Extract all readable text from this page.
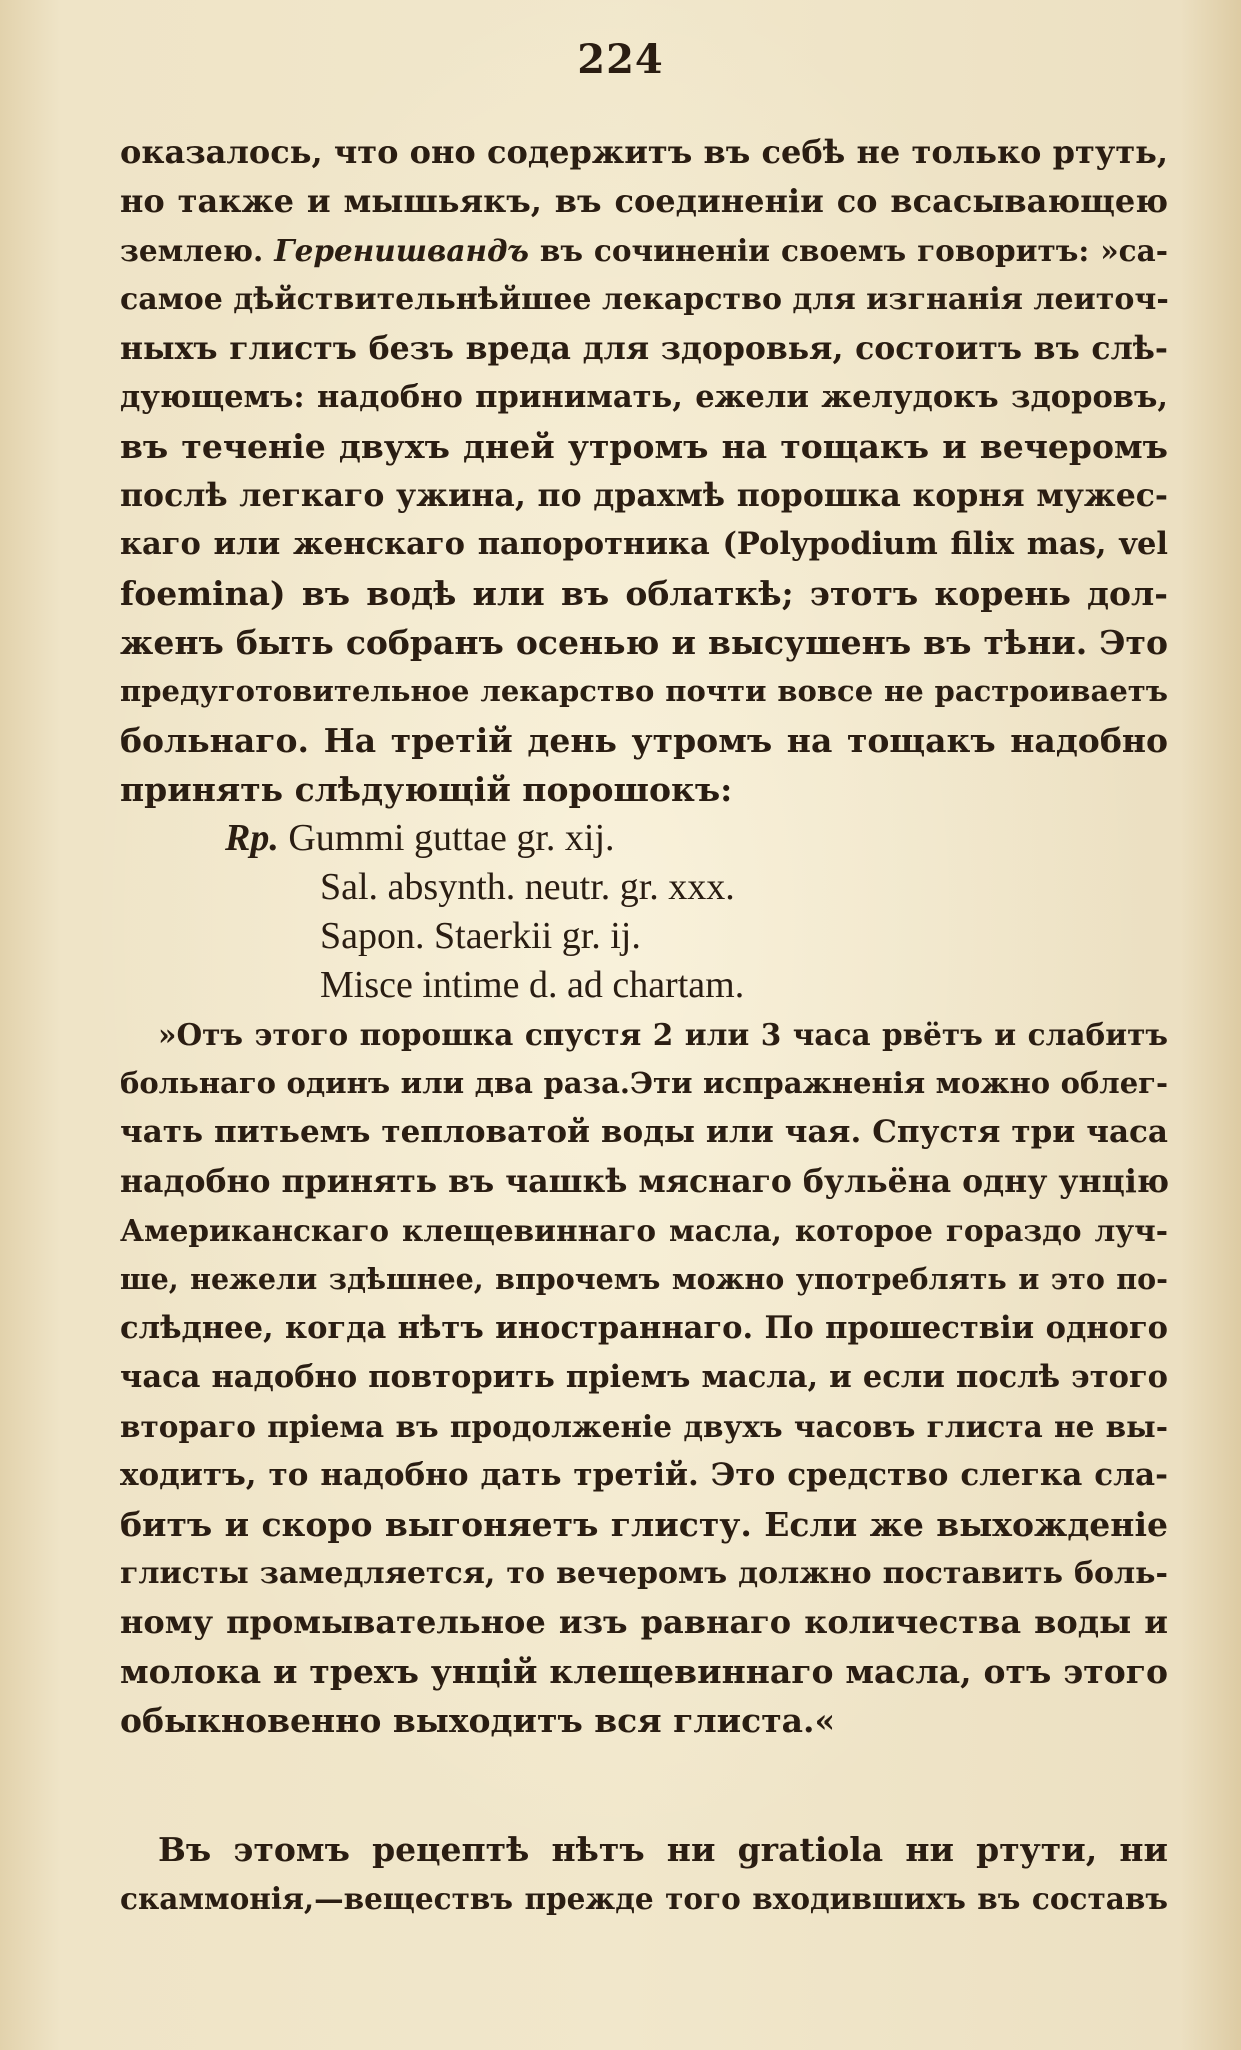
224
оказалось, что оно содержитъ въ себѣ не только ртуть,
но также и мышьякъ, въ соединенiи со всасывающею
землею. Геренишвандъ въ сочиненiи своемъ говоритъ: »са-
самое дѣйствительнѣйшее лекарство для изгнанiя леиточ-
ныхъ глистъ безъ вреда для здоровья, состоитъ въ слѣ-
дующемъ: надобно принимать, ежели желудокъ здоровъ,
въ теченiе двухъ дней утромъ на тощакъ и вечеромъ
послѣ легкаго ужина, по драхмѣ порошка корня мужес-
каго или женскаго папоротника (Polypodium filix mas, vel
foemina) въ водѣ или въ облаткѣ; этотъ корень дол-
женъ быть собранъ осенью и высушенъ въ тѣни. Это
предуготовительное лекарство почти вовсе не растроиваетъ
больнаго. На третiй день утромъ на тощакъ надобно
принять слѣдующiй порошокъ:
Rp. Gummi guttae gr. xij.
Sal. absynth. neutr. gr. xxx.
Sapon. Staerkii gr. ij.
Misce intime d. ad chartam.
»Отъ этого порошка спустя 2 или 3 часа рвётъ и слабитъ
больнаго одинъ или два раза.Эти испражненiя можно облег-
чать питьемъ тепловатой воды или чая. Спустя три часа
надобно принять въ чашкѣ мяснаго бульёна одну унцiю
Американскаго клещевиннаго масла, которое гораздо луч-
ше, нежели здѣшнее, впрочемъ можно употреблять и это по-
слѣднее, когда нѣтъ иностраннаго. По прошествiи одного
часа надобно повторить прiемъ масла, и если послѣ этого
втораго прiема въ продолженiе двухъ часовъ глиста не вы-
ходитъ, то надобно дать третiй. Это средство слегка сла-
битъ и скоро выгоняетъ глисту. Если же выхожденiе
глисты замедляется, то вечеромъ должно поставить боль-
ному промывательное изъ равнаго количества воды и
молока и трехъ унцiй клещевиннаго масла, отъ этого
обыкновенно выходитъ вся глиста.«
Въ этомъ рецептѣ нѣтъ ни gratiola ни ртути, ни
скаммонiя,—веществъ прежде того входившихъ въ составъ
